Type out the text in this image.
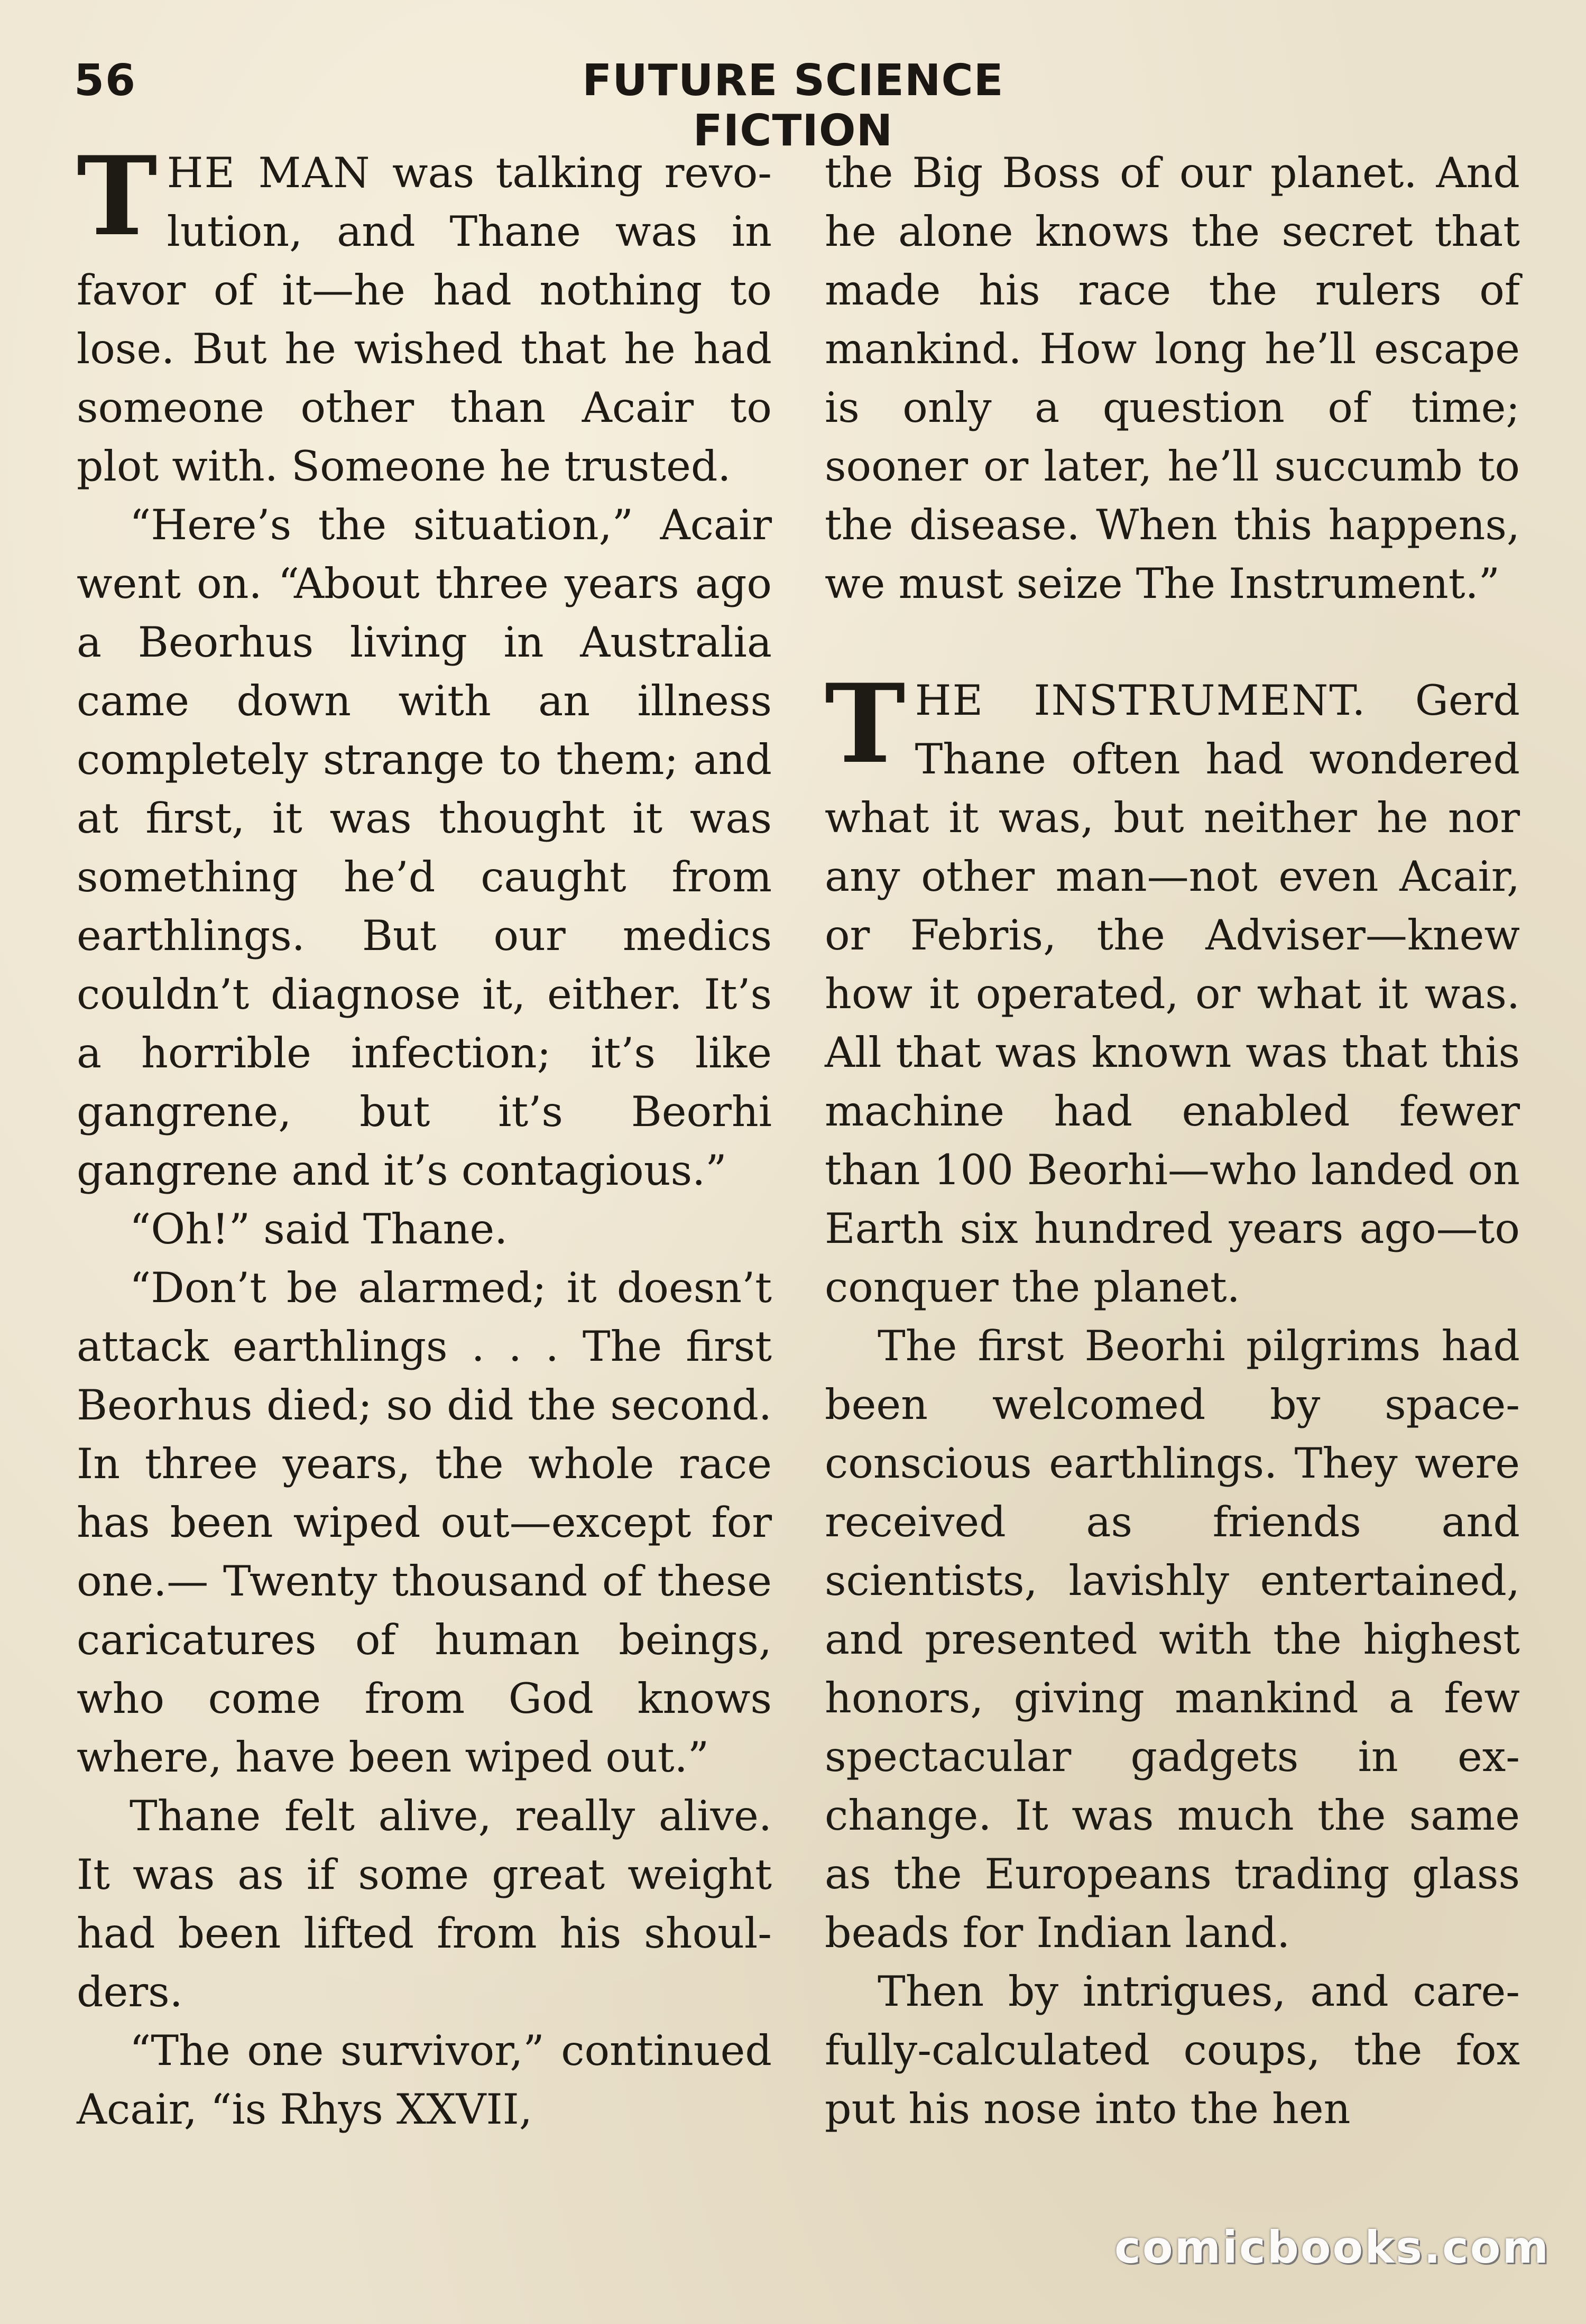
56	FUTURE SCIENCE FICTION

THE MAN was talking revolution, and Thane was in favor of it—he had nothing to lose. But he wished that he had someone other than Acair to plot with. Someone he trusted.

“Here’s the situation,” Acair went on. “About three years ago a Beorhus living in Australia came down with an illness completely strange to them; and at first, it was thought it was something he’d caught from earthlings. But our medics couldn’t diagnose it, either. It’s a horrible infection; it’s like gangrene, but it’s Beorhi gangrene and it’s contagious.”

“Oh!” said Thane.

“Don’t be alarmed; it doesn’t attack earthlings . . . The first Beorhus died; so did the second. In three years, the whole race has been wiped out—except for one.— Twenty thousand of these caricatures of human beings, who come from God knows where, have been wiped out.”

Thane felt alive, really alive. It was as if some great weight had been lifted from his shoulders.

“The one survivor,” continued Acair, “is Rhys XXVII,

the Big Boss of our planet. And he alone knows the secret that made his race the rulers of mankind. How long he’ll escape is only a question of time; sooner or later, he’ll succumb to the disease. When this happens, we must seize The Instrument.”

THE INSTRUMENT. Gerd Thane often had wondered what it was, but neither he nor any other man—not even Acair, or Febris, the Adviser—knew how it operated, or what it was. All that was known was that this machine had enabled fewer than 100 Beorhi—who landed on Earth six hundred years ago—to conquer the planet.

The first Beorhi pilgrims had been welcomed by spaceconscious earthlings. They were received as friends and scientists, lavishly entertained, and presented with the highest honors, giving mankind a few spectacular gadgets in exchange. It was much the same as the Europeans trading glass beads for Indian land.

Then by intrigues, and carefully-calculated coups, the fox put his nose into the hen

comicbooks.com
